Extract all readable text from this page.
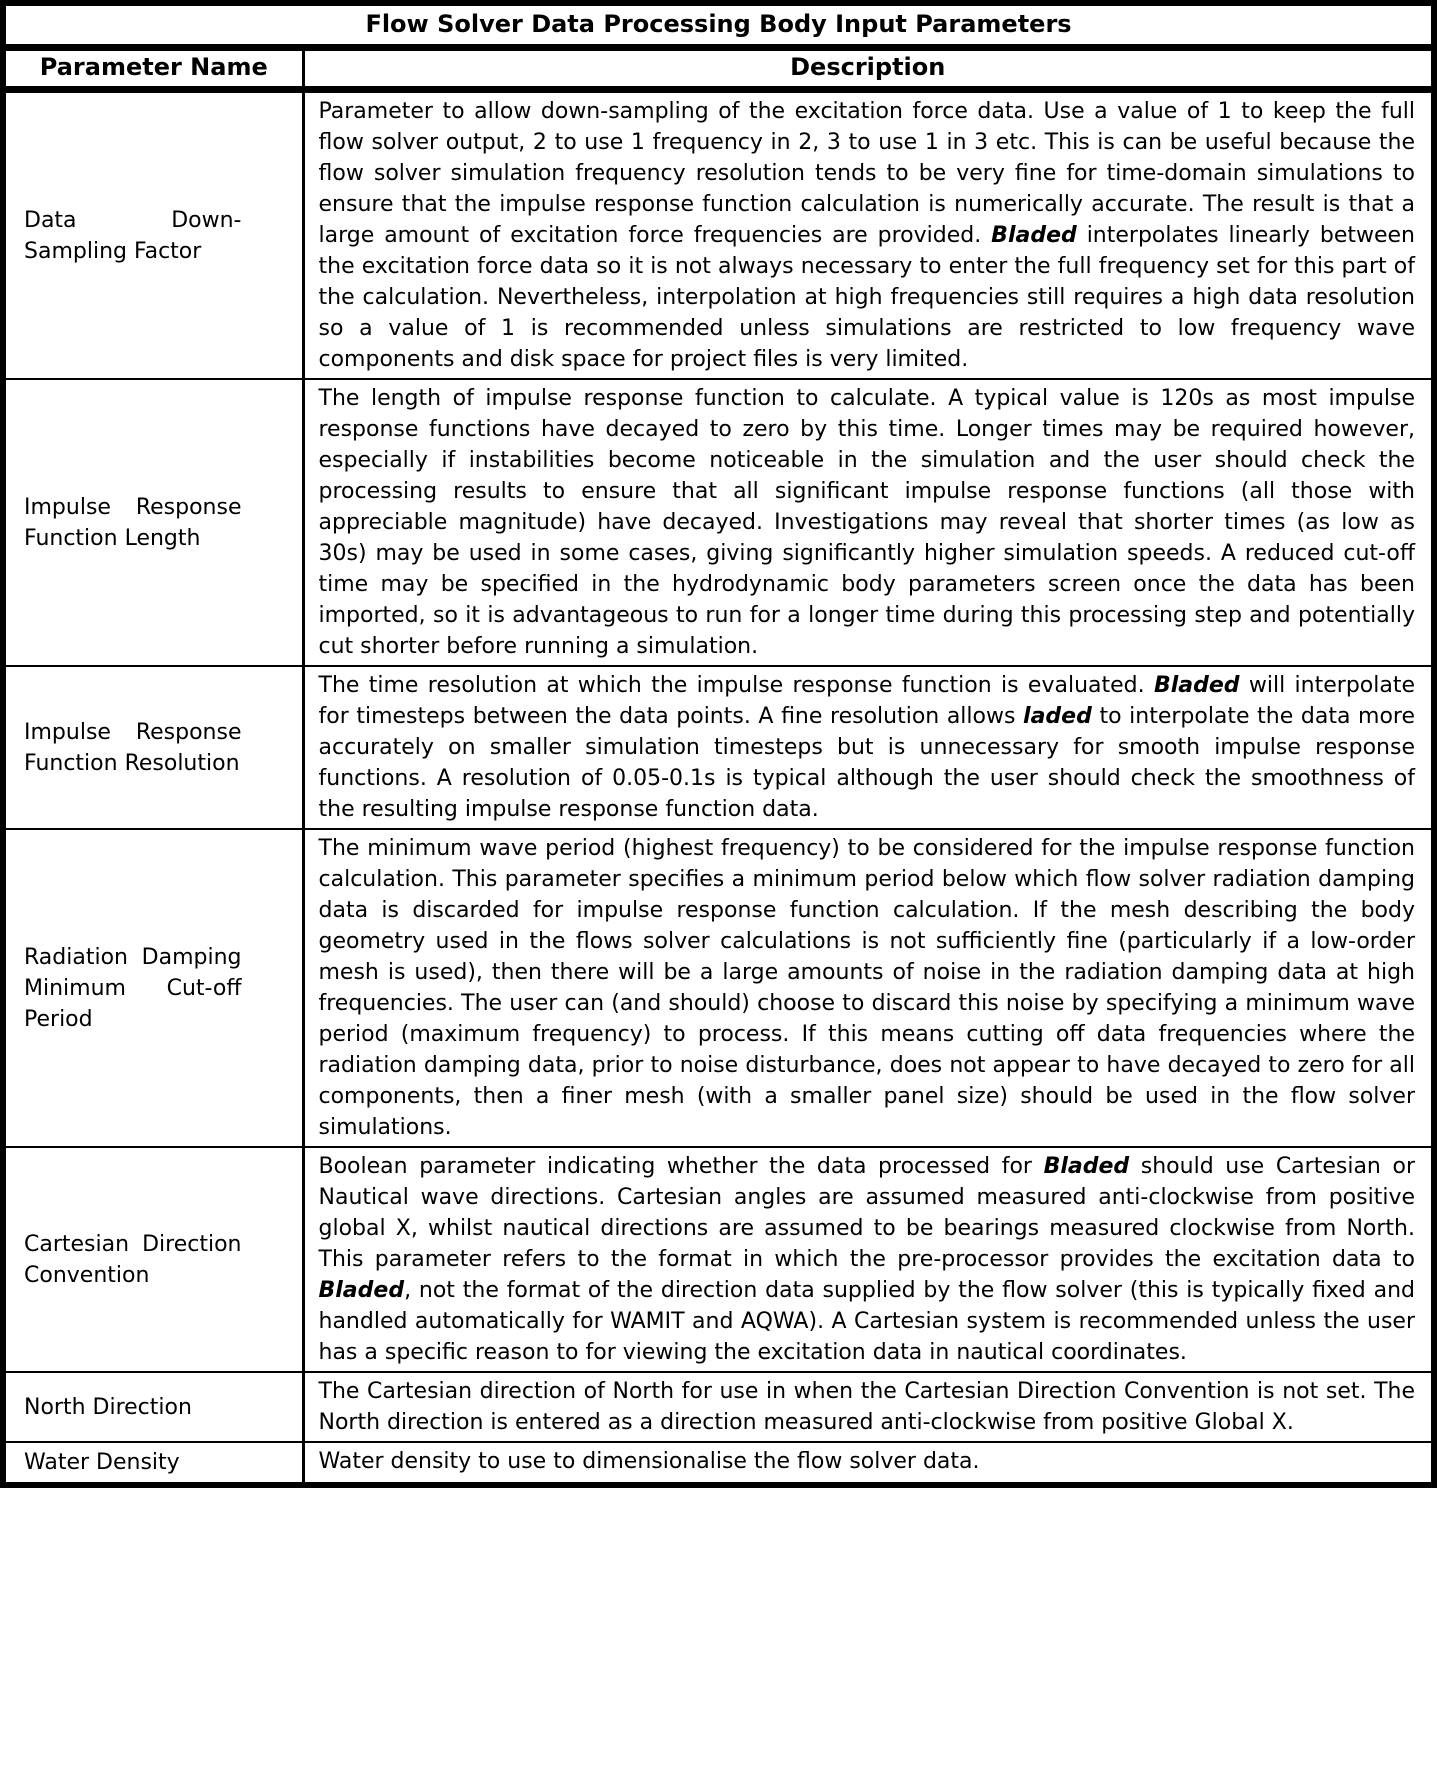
Flow Solver Data Processing Body Input Parameters	
Parameter Name	Description
Data Down-Sampling Factor	Parameter to allow down-sampling of the excitation force data. Use a value of 1 to keep the full flow solver output, 2 to use 1 frequency in 2, 3 to use 1 in 3 etc. This is can be useful because the flow solver simulation frequency resolution tends to be very fine for time-domain simulations to ensure that the impulse response function calculation is numerically accurate. The result is that a large amount of excitation force frequencies are provided. Bladed interpolates linearly between the excitation force data so it is not always necessary to enter the full frequency set for this part of the calculation. Nevertheless, interpolation at high frequencies still requires a high data resolution so a value of 1 is recommended unless simulations are restricted to low frequency wave components and disk space for project files is very limited.
Impulse Response Function Length	The length of impulse response function to calculate. A typical value is 120s as most impulse response functions have decayed to zero by this time. Longer times may be required however, especially if instabilities become noticeable in the simulation and the user should check the processing results to ensure that all significant impulse response functions (all those with appreciable magnitude) have decayed. Investigations may reveal that shorter times (as low as 30s) may be used in some cases, giving significantly higher simulation speeds. A reduced cut-off time may be specified in the hydrodynamic body parameters screen once the data has been imported, so it is advantageous to run for a longer time during this processing step and potentially cut shorter before running a simulation.
Impulse Response Function Resolution	The time resolution at which the impulse response function is evaluated. Bladed will interpolate for timesteps between the data points. A fine resolution allows laded to interpolate the data more accurately on smaller simulation timesteps but is unnecessary for smooth impulse response functions. A resolution of 0.05-0.1s is typical although the user should check the smoothness of the resulting impulse response function data.
Radiation Damping Minimum Cut-off Period	The minimum wave period (highest frequency) to be considered for the impulse response function calculation. This parameter specifies a minimum period below which flow solver radiation damping data is discarded for impulse response function calculation. If the mesh describing the body geometry used in the flows solver calculations is not sufficiently fine (particularly if a low-order mesh is used), then there will be a large amounts of noise in the radiation damping data at high frequencies. The user can (and should) choose to discard this noise by specifying a minimum wave period (maximum frequency) to process. If this means cutting off data frequencies where the radiation damping data, prior to noise disturbance, does not appear to have decayed to zero for all components, then a finer mesh (with a smaller panel size) should be used in the flow solver simulations.
Cartesian Direction Convention	Boolean parameter indicating whether the data processed for Bladed should use Cartesian or Nautical wave directions. Cartesian angles are assumed measured anti-clockwise from positive global X, whilst nautical directions are assumed to be bearings measured clockwise from North. This parameter refers to the format in which the pre-processor provides the excitation data to Bladed, not the format of the direction data supplied by the flow solver (this is typically fixed and handled automatically for WAMIT and AQWA). A Cartesian system is recommended unless the user has a specific reason to for viewing the excitation data in nautical coordinates.
North Direction	The Cartesian direction of North for use in when the Cartesian Direction Convention is not set. The North direction is entered as a direction measured anti-clockwise from positive Global X.
Water Density	Water density to use to dimensionalise the flow solver data.
